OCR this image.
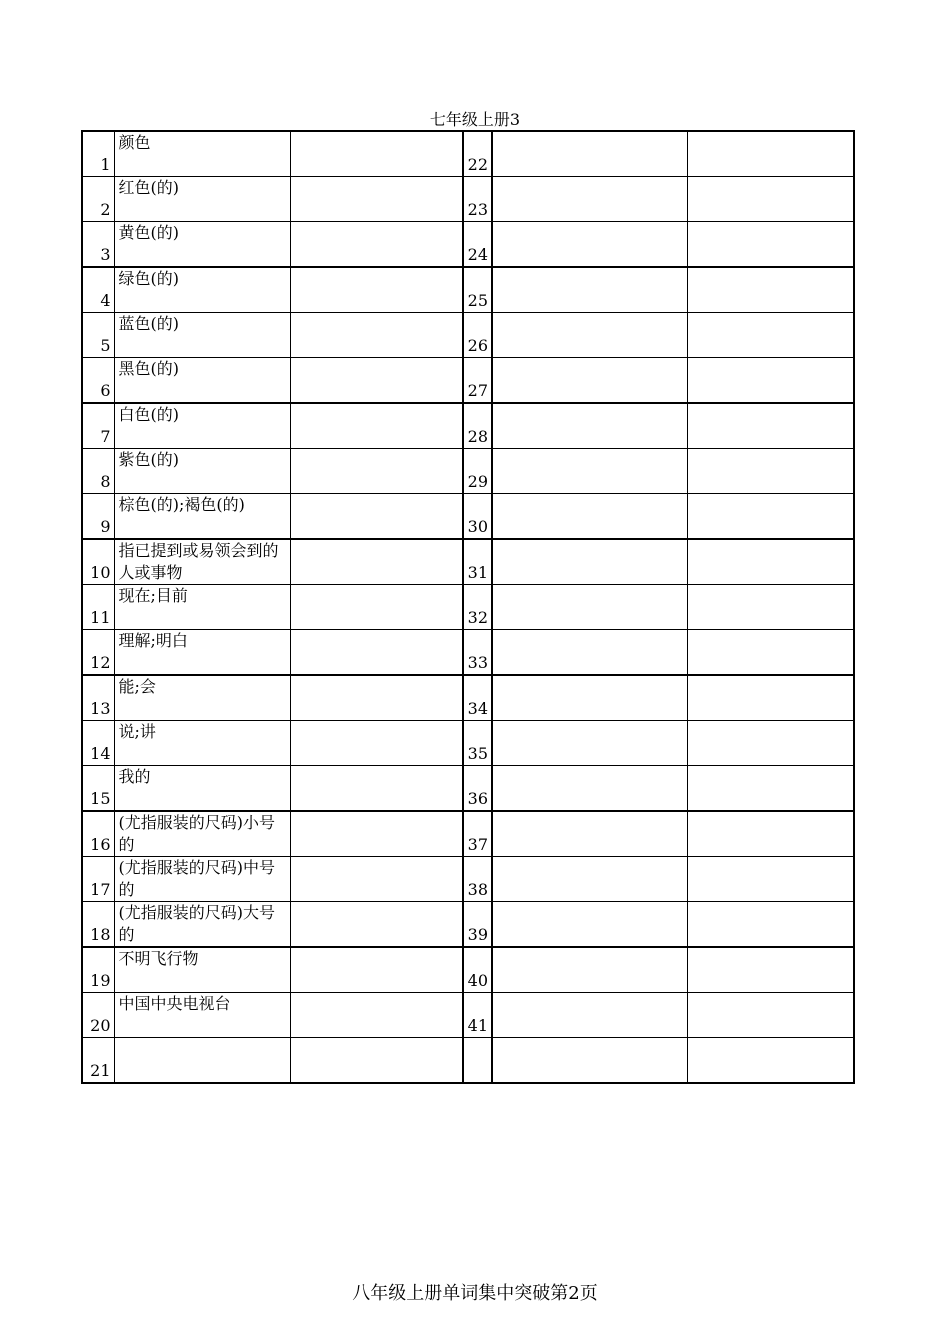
七年级上册3
1	颜色		22		
2	红色(的)		23		
3	黄色(的)		24		
4	绿色(的)		25		
5	蓝色(的)		26		
6	黑色(的)		27		
7	白色(的)		28		
8	紫色(的)		29		
9	棕色(的);褐色(的)		30		
10	指已提到或易领会到的人或事物		31		
11	现在;目前		32		
12	理解;明白		33		
13	能;会		34		
14	说;讲		35		
15	我的		36		
16	(尤指服装的尺码)小号的		37		
17	(尤指服装的尺码)中号的		38		
18	(尤指服装的尺码)大号的		39		
19	不明飞行物		40		
20	中国中央电视台		41		
21					
八年级上册单词集中突破第2页
